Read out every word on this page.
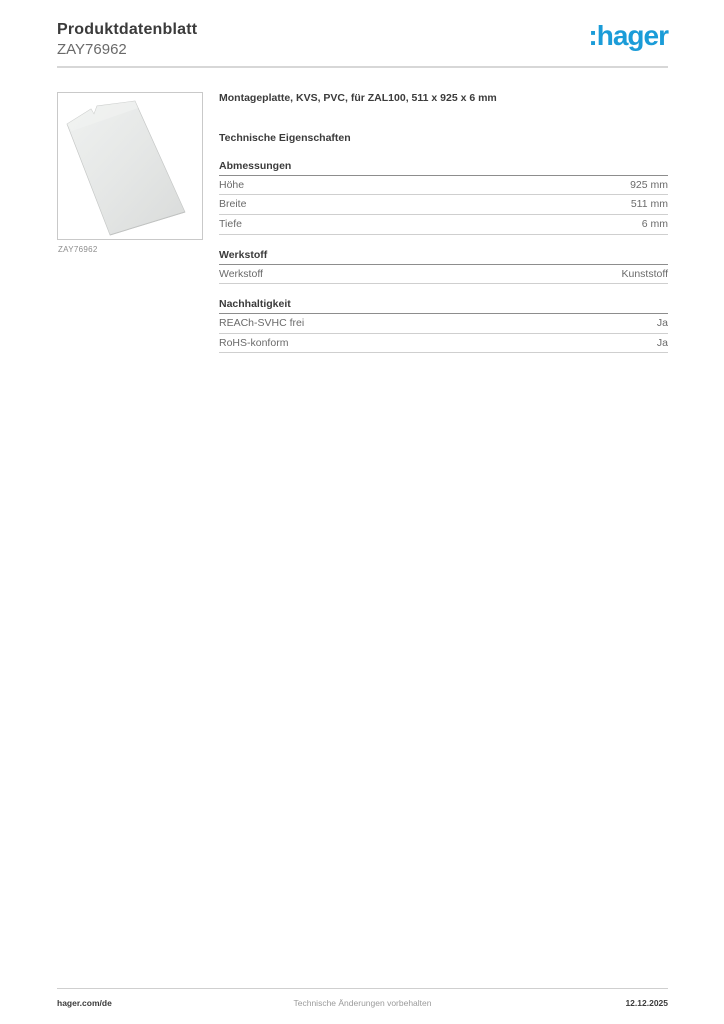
Produktdatenblatt
ZAY76962	:hager
ZAY76962
Montageplatte, KVS, PVC, für ZAL100, 511 x 925 x 6 mm
Technische Eigenschaften
Abmessungen
Höhe	925 mm
Breite	511 mm
Tiefe	6 mm
Werkstoff
Werkstoff	Kunststoff
Nachhaltigkeit
REACh-SVHC frei	Ja
RoHS-konform	Ja
hager.com/de	Technische Änderungen vorbehalten	12.12.2025
